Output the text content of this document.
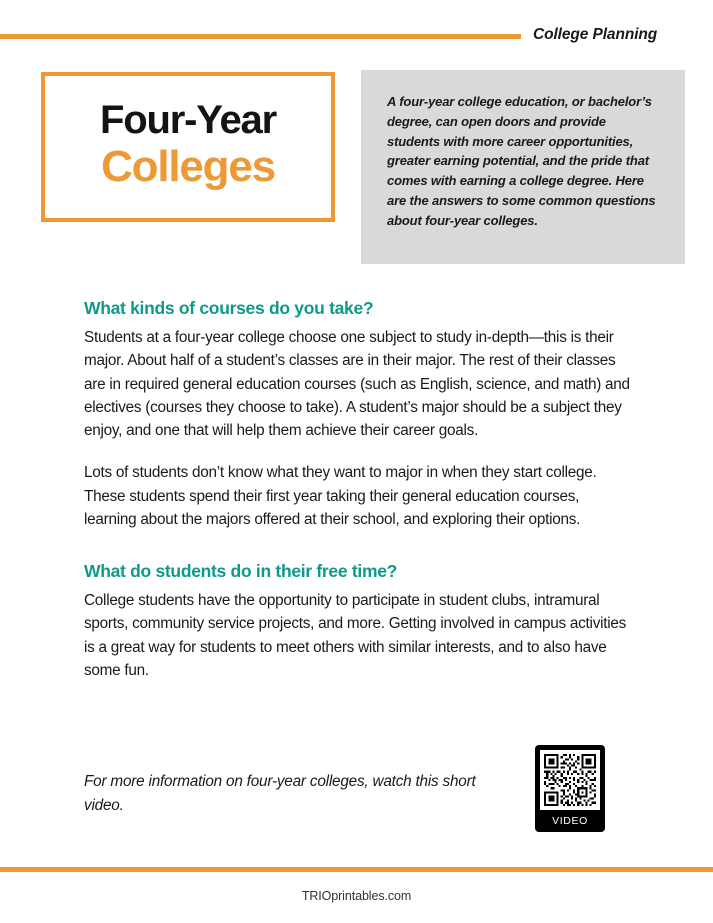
College Planning
Four-Year
Colleges
A four-year college education, or bachelor’s degree, can open doors and provide students with more career opportunities, greater earning potential, and the pride that comes with earning a college degree. Here are the answers to some common questions about four-year colleges.
What kinds of courses do you take?

Students at a four-year college choose one subject to study in-depth—this is their major. About half of a student’s classes are in their major. The rest of their classes are in required general education courses (such as English, science, and math) and electives (courses they choose to take). A student’s major should be a subject they enjoy, and one that will help them achieve their career goals.

Lots of students don’t know what they want to major in when they start college. These students spend their first year taking their general education courses, learning about the majors offered at their school, and exploring their options.

What do students do in their free time?

College students have the opportunity to participate in student clubs, intramural sports, community service projects, and more. Getting involved in campus activities is a great way for students to meet others with similar interests, and to also have some fun.

For more information on four-year colleges, watch this short video.
VIDEO
TRIOprintables.com
